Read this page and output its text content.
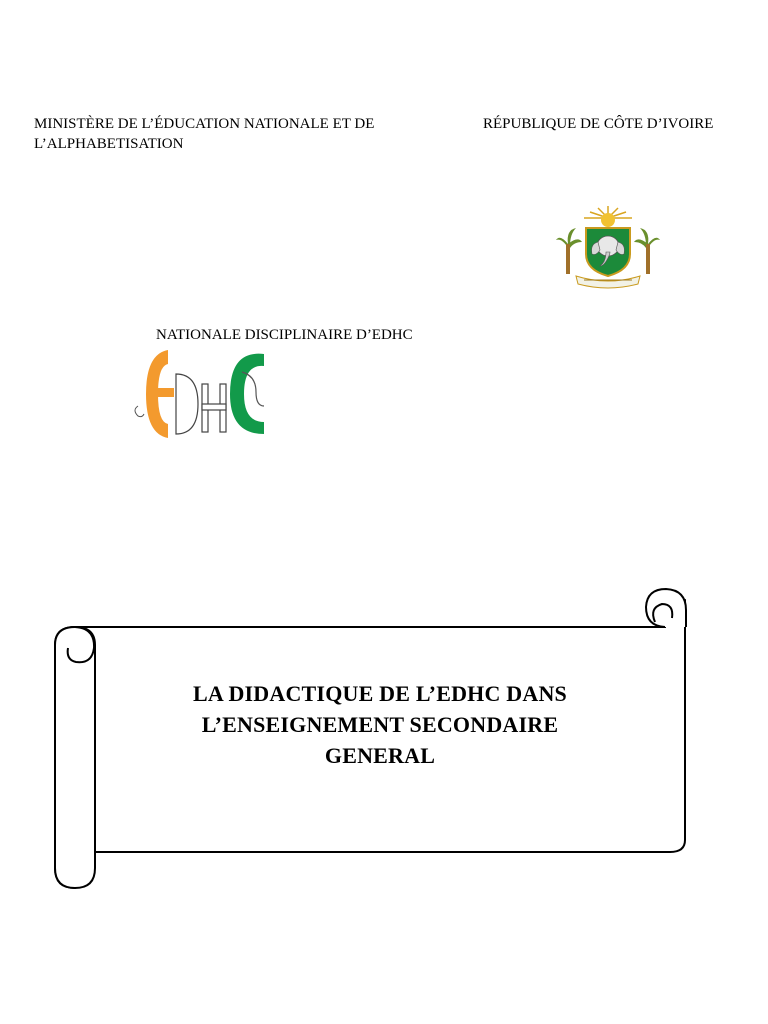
MINISTÈRE DE L’ÉDUCATION NATIONALE ET DE
L’ALPHABETISATION
RÉPUBLIQUE DE CÔTE D’IVOIRE
NATIONALE DISCIPLINAIRE D’EDHC
LA DIDACTIQUE DE L’EDHC DANS
L’ENSEIGNEMENT SECONDAIRE
GENERAL
